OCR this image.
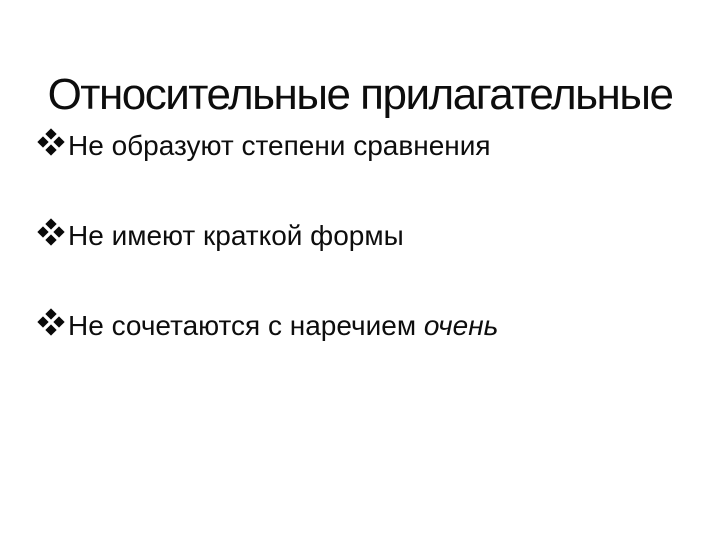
Относительные прилагательные
Не образуют степени сравнения
Не имеют краткой формы
Не сочетаются с наречием очень
